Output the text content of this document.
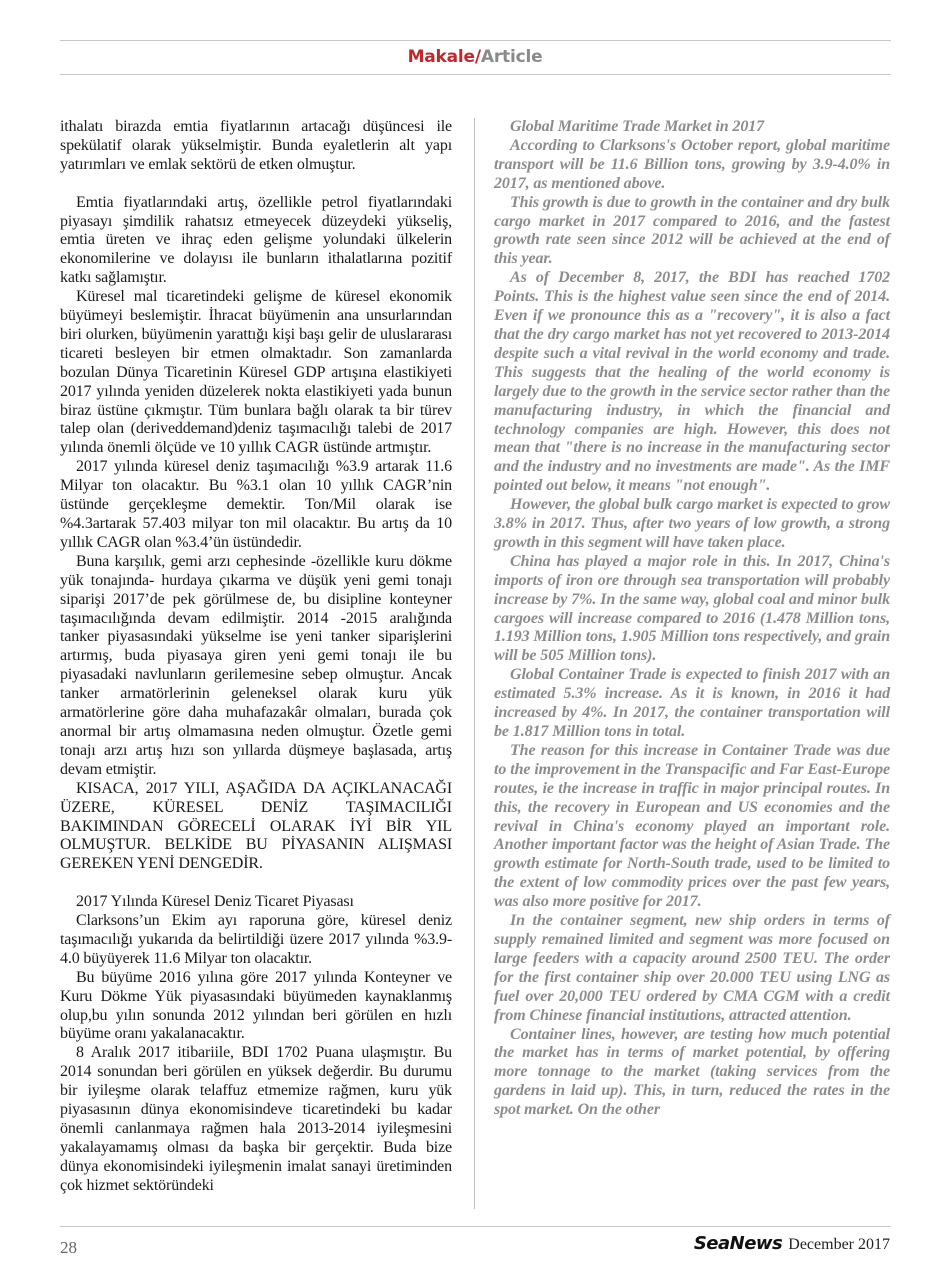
Makale/Article

ithalatı birazda emtia fiyatlarının artacağı düşüncesi ile spekülatif olarak yükselmiştir. Bunda eyaletlerin alt yapı yatırımları ve emlak sektörü de etken olmuştur.

Emtia fiyatlarındaki artış, özellikle petrol fiyatlarındaki piyasayı şimdilik rahatsız etmeyecek düzeydeki yükseliş, emtia üreten ve ihraç eden gelişme yolundaki ülkelerin ekonomilerine ve dolayısı ile bunların ithalatlarına pozitif katkı sağlamıştır.

Küresel mal ticaretindeki gelişme de küresel ekonomik büyümeyi beslemiştir. İhracat büyümenin ana unsurlarından biri olurken, büyümenin yarattığı kişi başı gelir de uluslararası ticareti besleyen bir etmen olmaktadır. Son zamanlarda bozulan Dünya Ticaretinin Küresel GDP artışına elastikiyeti 2017 yılında yeniden düzelerek nokta elastikiyeti yada bunun biraz üstüne çıkmıştır. Tüm bunlara bağlı olarak ta bir türev talep olan (deriveddemand)deniz taşımacılığı talebi de 2017 yılında önemli ölçüde ve 10 yıllık CAGR üstünde artmıştır.

2017 yılında küresel deniz taşımacılığı %3.9 artarak 11.6 Milyar ton olacaktır. Bu %3.1 olan 10 yıllık CAGR’nin üstünde gerçekleşme demektir. Ton/Mil olarak ise %4.3artarak 57.403 milyar ton mil olacaktır. Bu artış da 10 yıllık CAGR olan %3.4’ün üstündedir.

Buna karşılık, gemi arzı cephesinde -özellikle kuru dökme yük tonajında- hurdaya çıkarma ve düşük yeni gemi tonajı siparişi 2017’de pek görülmese de, bu disipline konteyner taşımacılığında devam edilmiştir. 2014 -2015 aralığında tanker piyasasındaki yükselme ise yeni tanker siparişlerini artırmış, buda piyasaya giren yeni gemi tonajı ile bu piyasadaki navlunların gerilemesine sebep olmuştur. Ancak tanker armatörlerinin geleneksel olarak kuru yük armatörlerine göre daha muhafazakâr olmaları, burada çok anormal bir artış olmamasına neden olmuştur. Özetle gemi tonajı arzı artış hızı son yıllarda düşmeye başlasada, artış devam etmiştir.

KISACA, 2017 YILI, AŞAĞIDA DA AÇIKLANACAĞI ÜZERE, KÜRESEL DENİZ TAŞIMACILIĞI BAKIMINDAN GÖRECELİ OLARAK İYİ BİR YIL OLMUŞTUR. BELKİDE BU PİYASANIN ALIŞMASI GEREKEN YENİ DENGEDİR.

2017 Yılında Küresel Deniz Ticaret Piyasası

Clarksons’un Ekim ayı raporuna göre, küresel deniz taşımacılığı yukarıda da belirtildiği üzere 2017 yılında %3.9-4.0 büyüyerek 11.6 Milyar ton olacaktır.

Bu büyüme 2016 yılına göre 2017 yılında Konteyner ve Kuru Dökme Yük piyasasındaki büyümeden kaynaklanmış olup,bu yılın sonunda 2012 yılından beri görülen en hızlı büyüme oranı yakalanacaktır.

8 Aralık 2017 itibariile, BDI 1702 Puana ulaşmıştır. Bu 2014 sonundan beri görülen en yüksek değerdir. Bu durumu bir iyileşme olarak telaffuz etmemize rağmen, kuru yük piyasasının dünya ekonomisindeve ticaretindeki bu kadar önemli canlanmaya rağmen hala 2013-2014 iyileşmesini yakalayamamış olması da başka bir gerçektir. Buda bize dünya ekonomisindeki iyileşmenin imalat sanayi üretiminden çok hizmet sektöründeki

Global Maritime Trade Market in 2017

According to Clarksons's October report, global maritime transport will be 11.6 Billion tons, growing by 3.9-4.0% in 2017, as mentioned above.

This growth is due to growth in the container and dry bulk cargo market in 2017 compared to 2016, and the fastest growth rate seen since 2012 will be achieved at the end of this year.

As of December 8, 2017, the BDI has reached 1702 Points. This is the highest value seen since the end of 2014. Even if we pronounce this as a "recovery", it is also a fact that the dry cargo market has not yet recovered to 2013-2014 despite such a vital revival in the world economy and trade. This suggests that the healing of the world economy is largely due to the growth in the service sector rather than the manufacturing industry, in which the financial and technology companies are high. However, this does not mean that "there is no increase in the manufacturing sector and the industry and no investments are made". As the IMF pointed out below, it means "not enough".

However, the global bulk cargo market is expected to grow 3.8% in 2017. Thus, after two years of low growth, a strong growth in this segment will have taken place.

China has played a major role in this. In 2017, China's imports of iron ore through sea transportation will probably increase by 7%. In the same way, global coal and minor bulk cargoes will increase compared to 2016 (1.478 Million tons, 1.193 Million tons, 1.905 Million tons respectively, and grain will be 505 Million tons).

Global Container Trade is expected to finish 2017 with an estimated 5.3% increase. As it is known, in 2016 it had increased by 4%. In 2017, the container transportation will be 1.817 Million tons in total.

The reason for this increase in Container Trade was due to the improvement in the Transpacific and Far East-Europe routes, ie the increase in traffic in major principal routes. In this, the recovery in European and US economies and the revival in China's economy played an important role. Another important factor was the height of Asian Trade. The growth estimate for North-South trade, used to be limited to the extent of low commodity prices over the past few years, was also more positive for 2017.

In the container segment, new ship orders in terms of supply remained limited and segment was more focused on large feeders with a capacity around 2500 TEU. The order for the first container ship over 20.000 TEU using LNG as fuel over 20,000 TEU ordered by CMA CGM with a credit from Chinese financial institutions, attracted attention.

Container lines, however, are testing how much potential the market has in terms of market potential, by offering more tonnage to the market (taking services from the gardens in laid up). This, in turn, reduced the rates in the spot market. On the other

28	SeaNews December 2017
